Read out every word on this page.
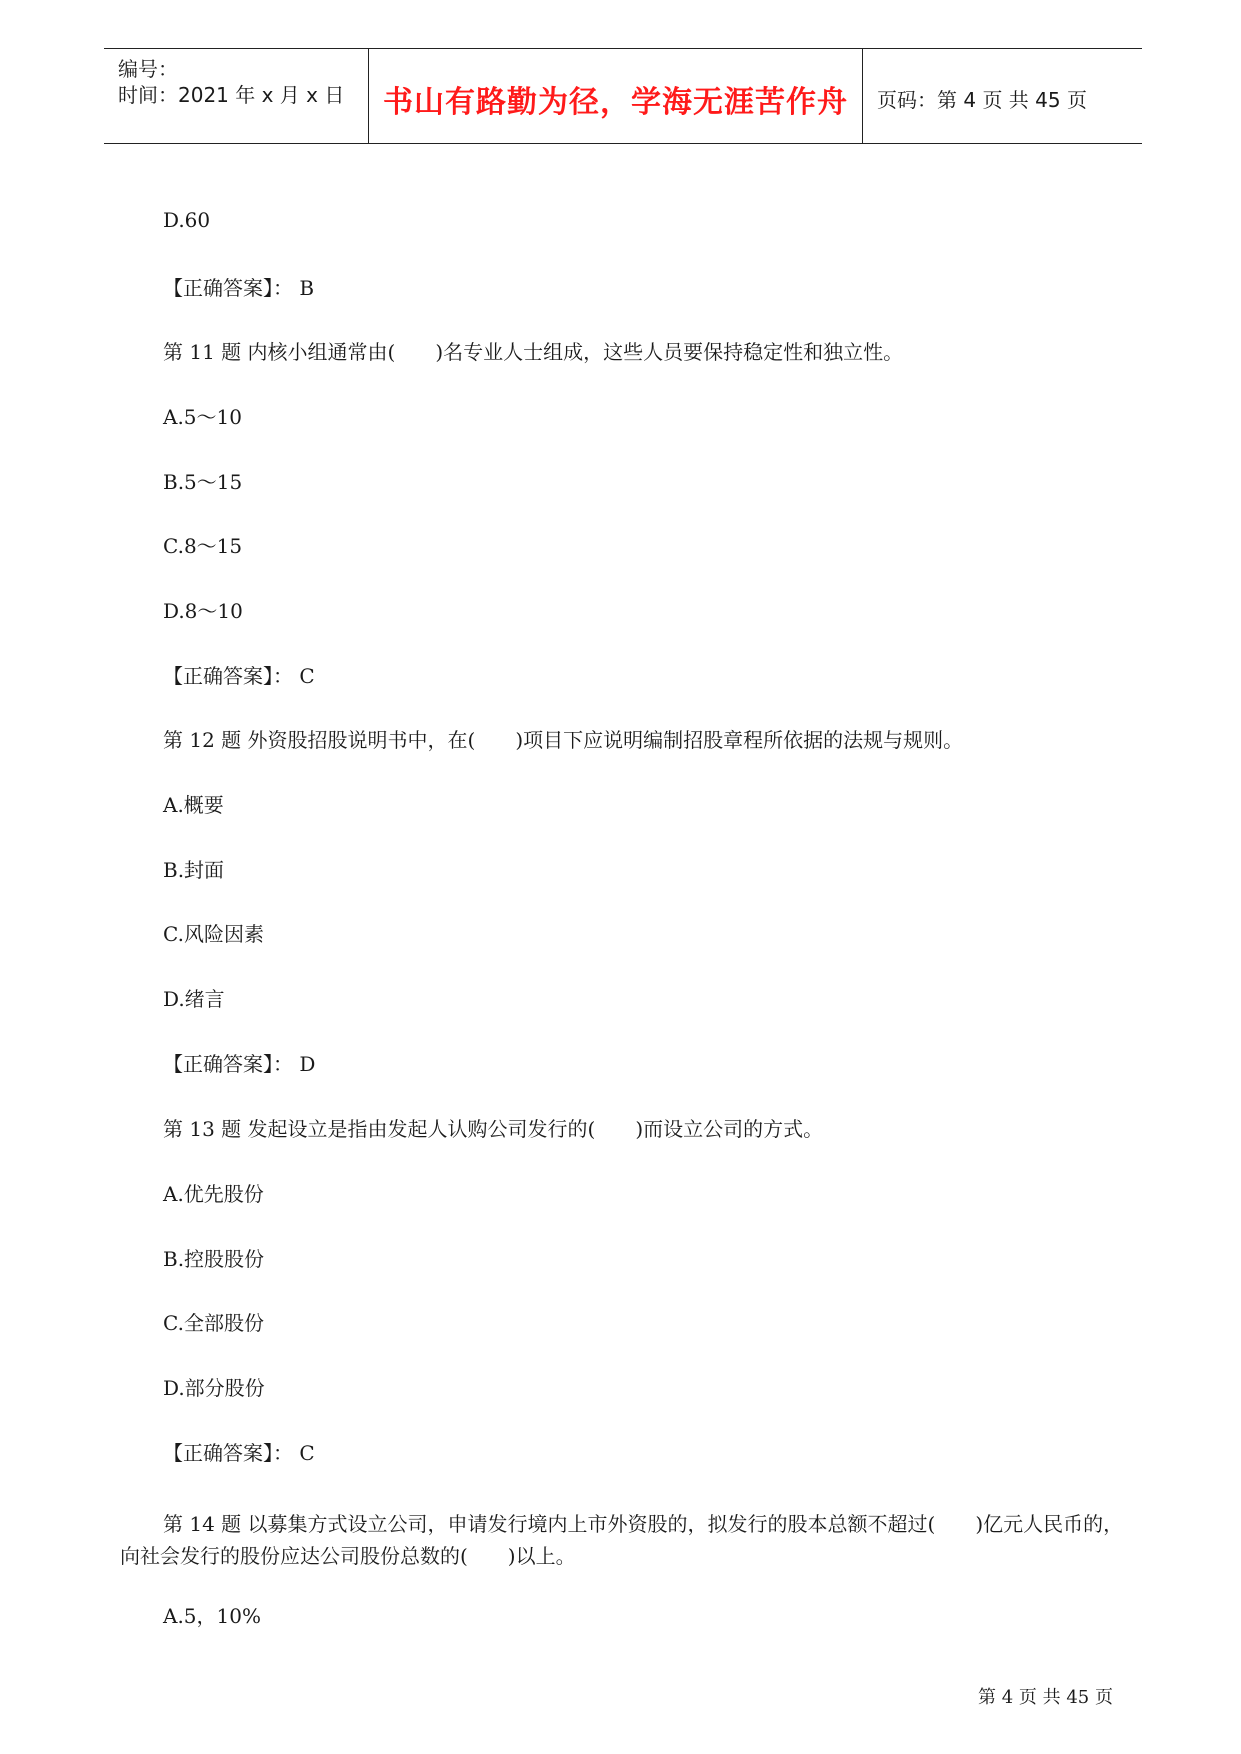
编号：
时间：2021 年 x 月 x 日	书山有路勤为径，学海无涯苦作舟	页码：第 4 页 共 45 页
D.60
【正确答案】： B
第 11 题 内核小组通常由(　　)名专业人士组成，这些人员要保持稳定性和独立性。
A.5～10
B.5～15
C.8～15
D.8～10
【正确答案】： C
第 12 题 外资股招股说明书中，在(　　)项目下应说明编制招股章程所依据的法规与规则。
A.概要
B.封面
C.风险因素
D.绪言
【正确答案】： D
第 13 题 发起设立是指由发起人认购公司发行的(　　)而设立公司的方式。
A.优先股份
B.控股股份
C.全部股份
D.部分股份
【正确答案】： C
第 14 题 以募集方式设立公司，申请发行境内上市外资股的，拟发行的股本总额不超过(　　)亿元人民币的，向社会发行的股份应达公司股份总数的(　　)以上。
A.5，10%
第 4 页 共 45 页
